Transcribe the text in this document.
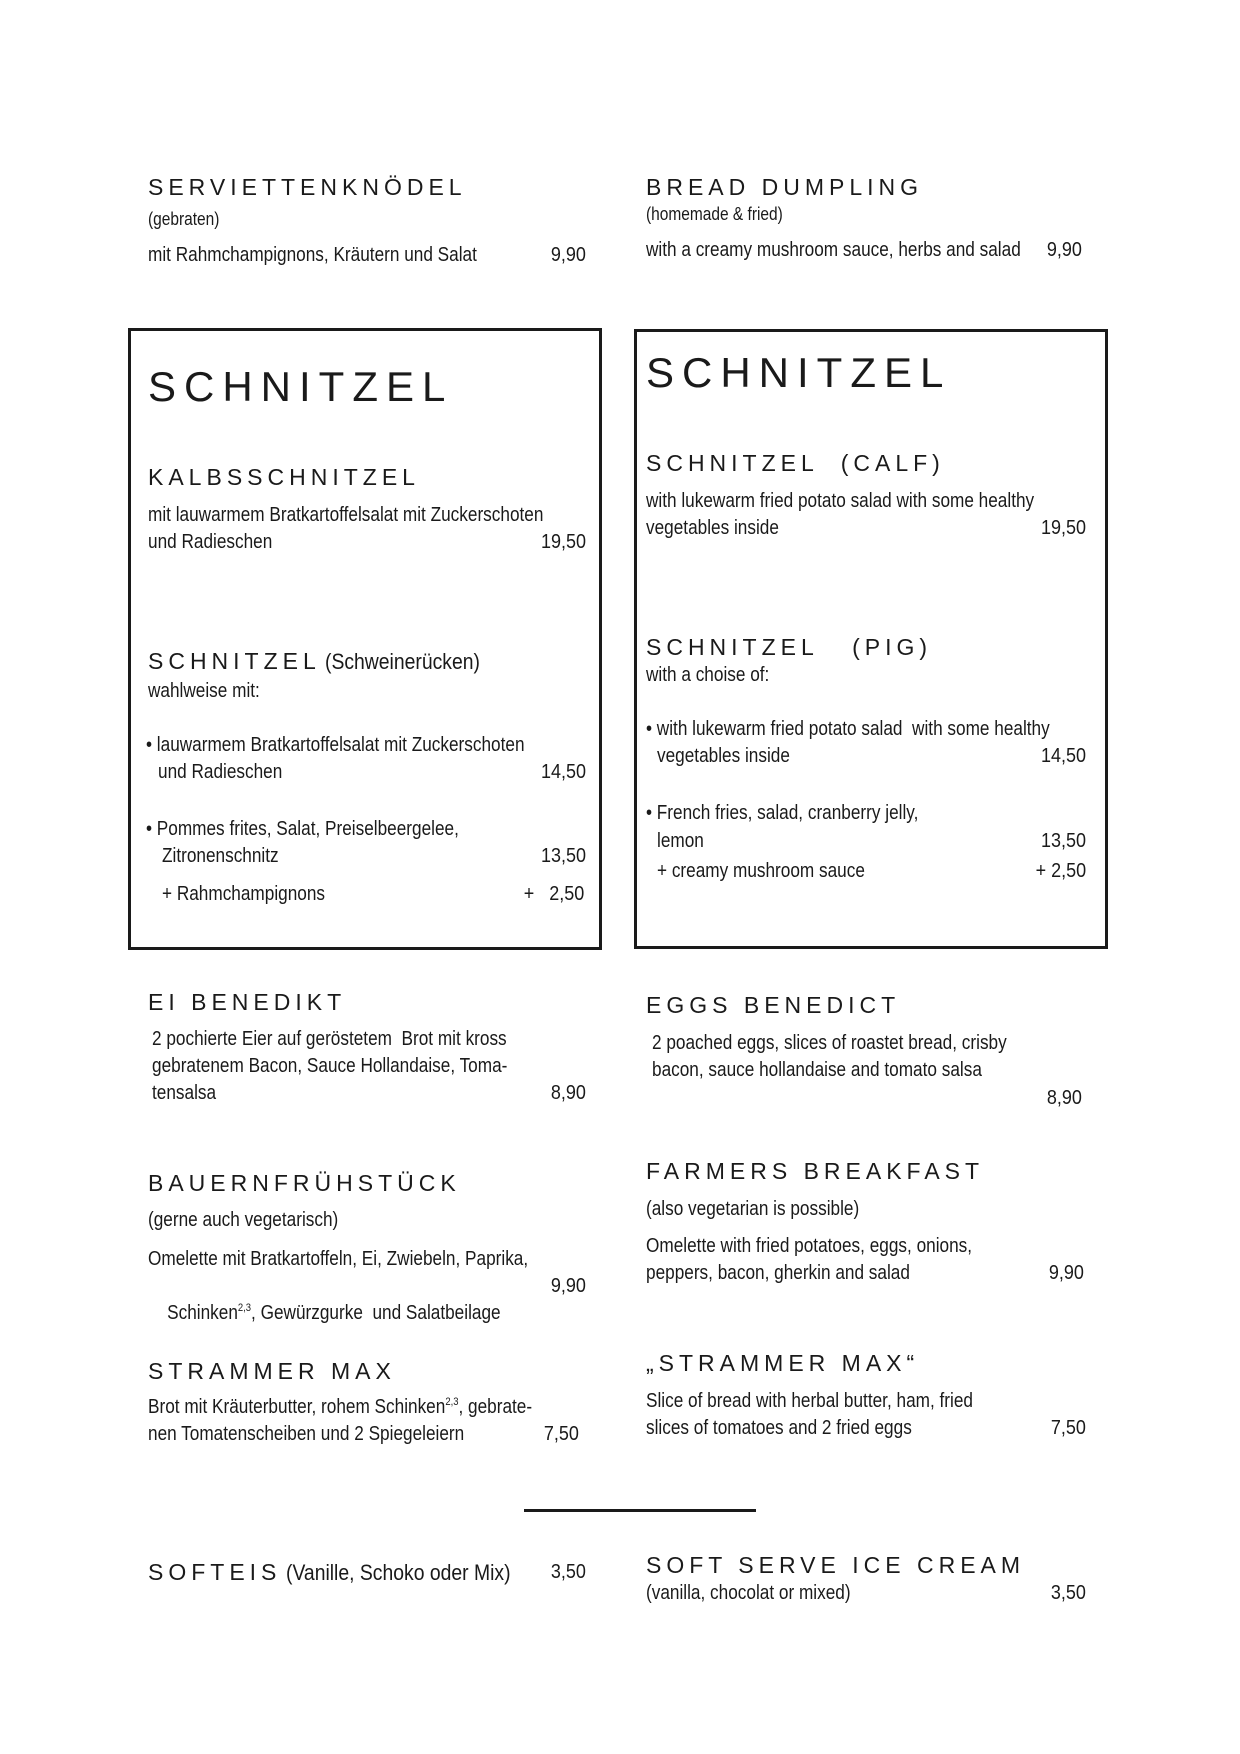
SERVIETTENKNÖDEL
(gebraten)
mit Rahmchampignons, Kräutern und Salat	9,90
SCHNITZEL
KALBSSCHNITZEL
mit lauwarmem Bratkartoffelsalat mit Zuckerschoten
und Radieschen	19,50
SCHNITZEL (Schweinerücken)
wahlweise mit:
• lauwarmem Bratkartoffelsalat mit Zuckerschoten
und Radieschen	14,50
• Pommes frites, Salat, Preiselbeergelee,
Zitronenschnitz	13,50
+ Rahmchampignons	+   2,50
EI BENEDIKT
2 pochierte Eier auf geröstetem  Brot mit kross
gebratenem Bacon, Sauce Hollandaise, Toma-
tensalsa	8,90
BAUERNFRÜHSTÜCK
(gerne auch vegetarisch)
Omelette mit Bratkartoffeln, Ei, Zwiebeln, Paprika,

Schinken$^{2,3}$, Gewürzgurke  und Salatbeilage

9,90
STRAMMER MAX
Brot mit Kräuterbutter, rohem Schinken$^{2,3}$, gebrate-
nen Tomatenscheiben und 2 Spiegeleiern	7,50
SOFTEIS (Vanille, Schoko oder Mix)	3,50
BREAD DUMPLING
(homemade & fried)
with a creamy mushroom sauce, herbs and salad 9,90
SCHNITZEL
SCHNITZEL  (CALF)
with lukewarm fried potato salad with some healthy
vegetables inside	19,50
SCHNITZEL   (PIG)
with a choise of:
• with lukewarm fried potato salad  with some healthy
vegetables inside	14,50
• French fries, salad, cranberry jelly,
lemon	13,50
+ creamy mushroom sauce	+ 2,50
EGGS BENEDICT
2 poached eggs, slices of roastet bread, crisby
bacon, sauce hollandaise and tomato salsa
8,90
FARMERS BREAKFAST
(also vegetarian is possible)
Omelette with fried potatoes, eggs, onions,
peppers, bacon, gherkin and salad	9,90
„STRAMMER MAX“
Slice of bread with herbal butter, ham, fried
slices of tomatoes and 2 fried eggs	7,50
SOFT SERVE ICE CREAM
(vanilla, chocolat or mixed)	3,50
